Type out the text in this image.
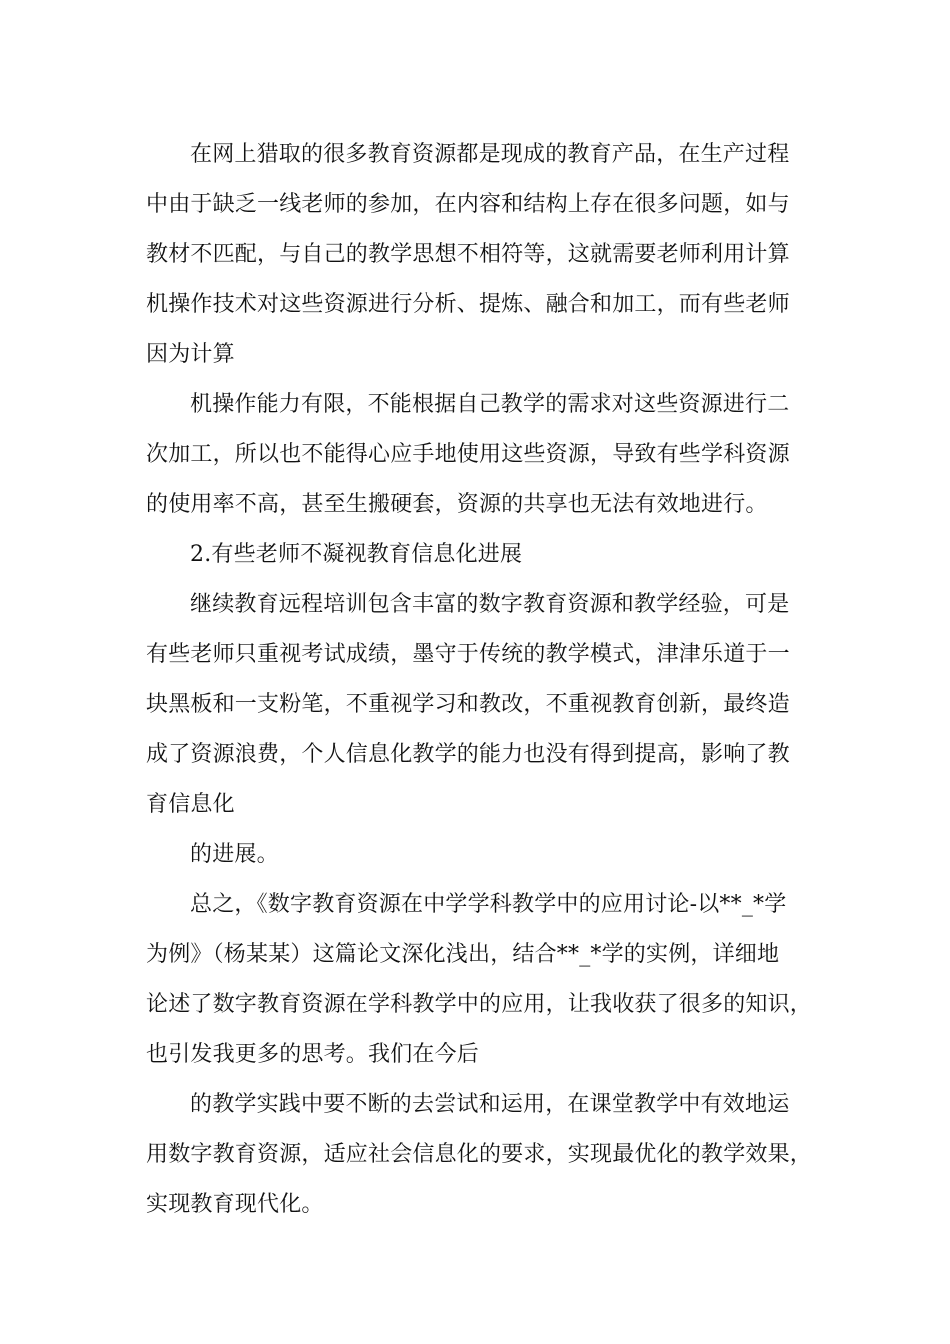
在网上猎取的很多教育资源都是现成的教育产品，在生产过程
中由于缺乏一线老师的参加，在内容和结构上存在很多问题，如与
教材不匹配，与自己的教学思想不相符等，这就需要老师利用计算
机操作技术对这些资源进行分析、提炼、融合和加工，而有些老师
因为计算
机操作能力有限，不能根据自己教学的需求对这些资源进行二
次加工，所以也不能得心应手地使用这些资源，导致有些学科资源
的使用率不高，甚至生搬硬套，资源的共享也无法有效地进行。
2.有些老师不凝视教育信息化进展
继续教育远程培训包含丰富的数字教育资源和教学经验，可是
有些老师只重视考试成绩，墨守于传统的教学模式，津津乐道于一
块黑板和一支粉笔，不重视学习和教改，不重视教育创新，最终造
成了资源浪费，个人信息化教学的能力也没有得到提高，影响了教
育信息化
的进展。
总之，《数字教育资源在中学学科教学中的应用讨论-以**_*学
为例》（杨某某）这篇论文深化浅出，结合**_*学的实例，详细地
论述了数字教育资源在学科教学中的应用，让我收获了很多的知识，
也引发我更多的思考。我们在今后
的教学实践中要不断的去尝试和运用，在课堂教学中有效地运
用数字教育资源，适应社会信息化的要求，实现最优化的教学效果，
实现教育现代化。
